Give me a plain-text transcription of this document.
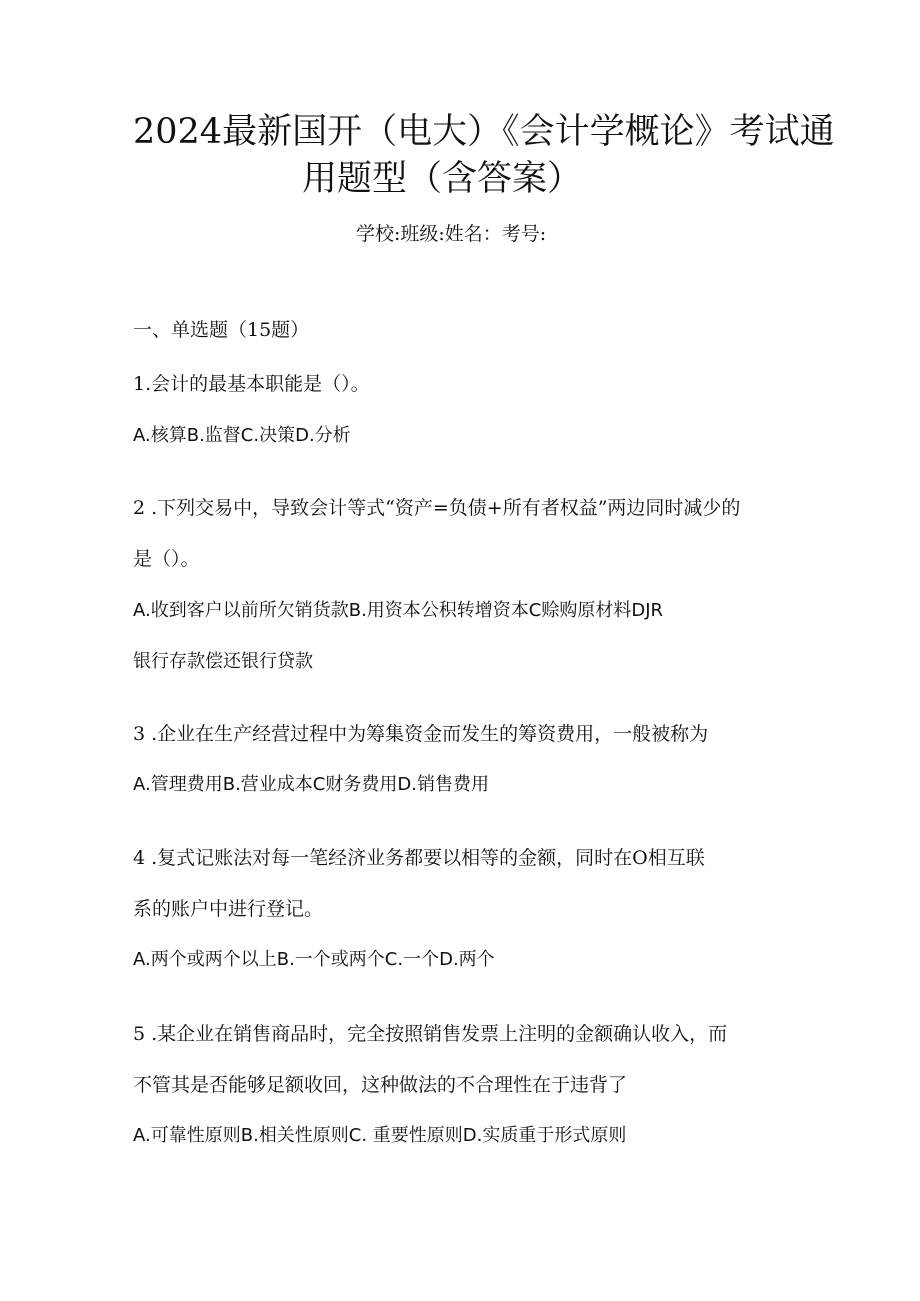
2024最新国开（电大）《会计学概论》考试通
用题型（含答案）
学校:班级:姓名：考号:
一、单选题（15题）
1.会计的最基本职能是（）。
A.核算B.监督C.决策D.分析
2 .下列交易中，导致会计等式“资产=负债+所有者权益”两边同时减少的
是（）。
A.收到客户以前所欠销货款B.用资本公积转增资本C赊购原材料DJR
银行存款偿还银行贷款
3 .企业在生产经营过程中为筹集资金而发生的筹资费用，一般被称为
A.管理费用B.营业成本C财务费用D.销售费用
4 .复式记账法对每一笔经济业务都要以相等的金额，同时在O相互联
系的账户中进行登记。
A.两个或两个以上B.一个或两个C.一个D.两个
5 .某企业在销售商品时，完全按照销售发票上注明的金额确认收入，而
不管其是否能够足额收回，这种做法的不合理性在于违背了
A.可靠性原则B.相关性原则C. 重要性原则D.实质重于形式原则
